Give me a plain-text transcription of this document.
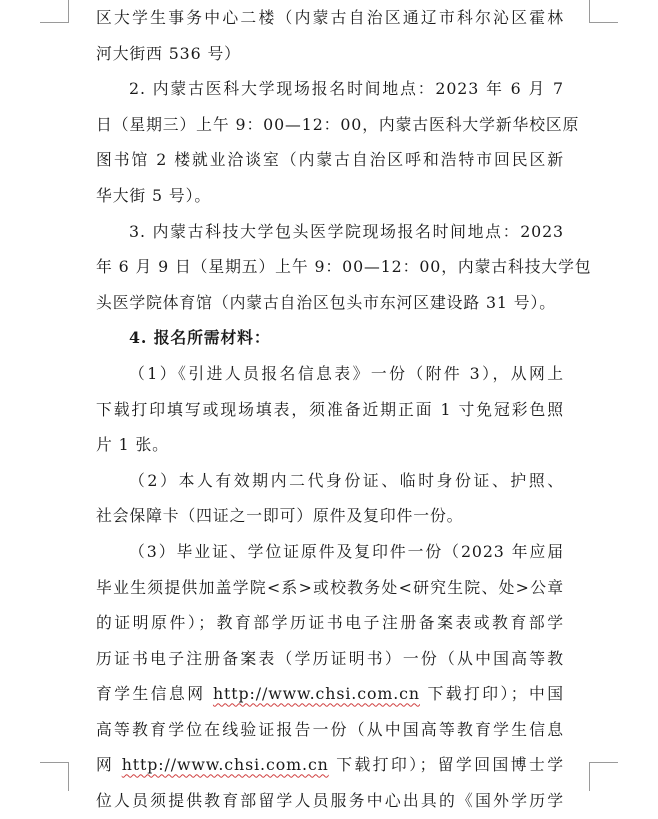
区大学生事务中心二楼（内蒙古自治区通辽市科尔沁区霍林
河大街西 536 号）
2. 内蒙古医科大学现场报名时间地点：2023 年 6 月 7
日（星期三）上午 9：00—12：00，内蒙古医科大学新华校区原
图书馆 2 楼就业洽谈室（内蒙古自治区呼和浩特市回民区新
华大街 5 号）。
3. 内蒙古科技大学包头医学院现场报名时间地点：2023
年 6 月 9 日（星期五）上午 9：00—12：00，内蒙古科技大学包
头医学院体育馆（内蒙古自治区包头市东河区建设路 31 号）。
4. 报名所需材料：
（1）《引进人员报名信息表》一份（附件 3），从网上
下载打印填写或现场填表，须准备近期正面 1 寸免冠彩色照
片 1 张。
（2）本人有效期内二代身份证、临时身份证、护照、
社会保障卡（四证之一即可）原件及复印件一份。
（3）毕业证、学位证原件及复印件一份（2023 年应届
毕业生须提供加盖学院<系>或校教务处<研究生院、处>公章
的证明原件）；教育部学历证书电子注册备案表或教育部学
历证书电子注册备案表（学历证明书）一份（从中国高等教
育学生信息网 http://www.chsi.com.cn 下载打印）；中国
高等教育学位在线验证报告一份（从中国高等教育学生信息
网 http://www.chsi.com.cn 下载打印）；留学回国博士学
位人员须提供教育部留学人员服务中心出具的《国外学历学
